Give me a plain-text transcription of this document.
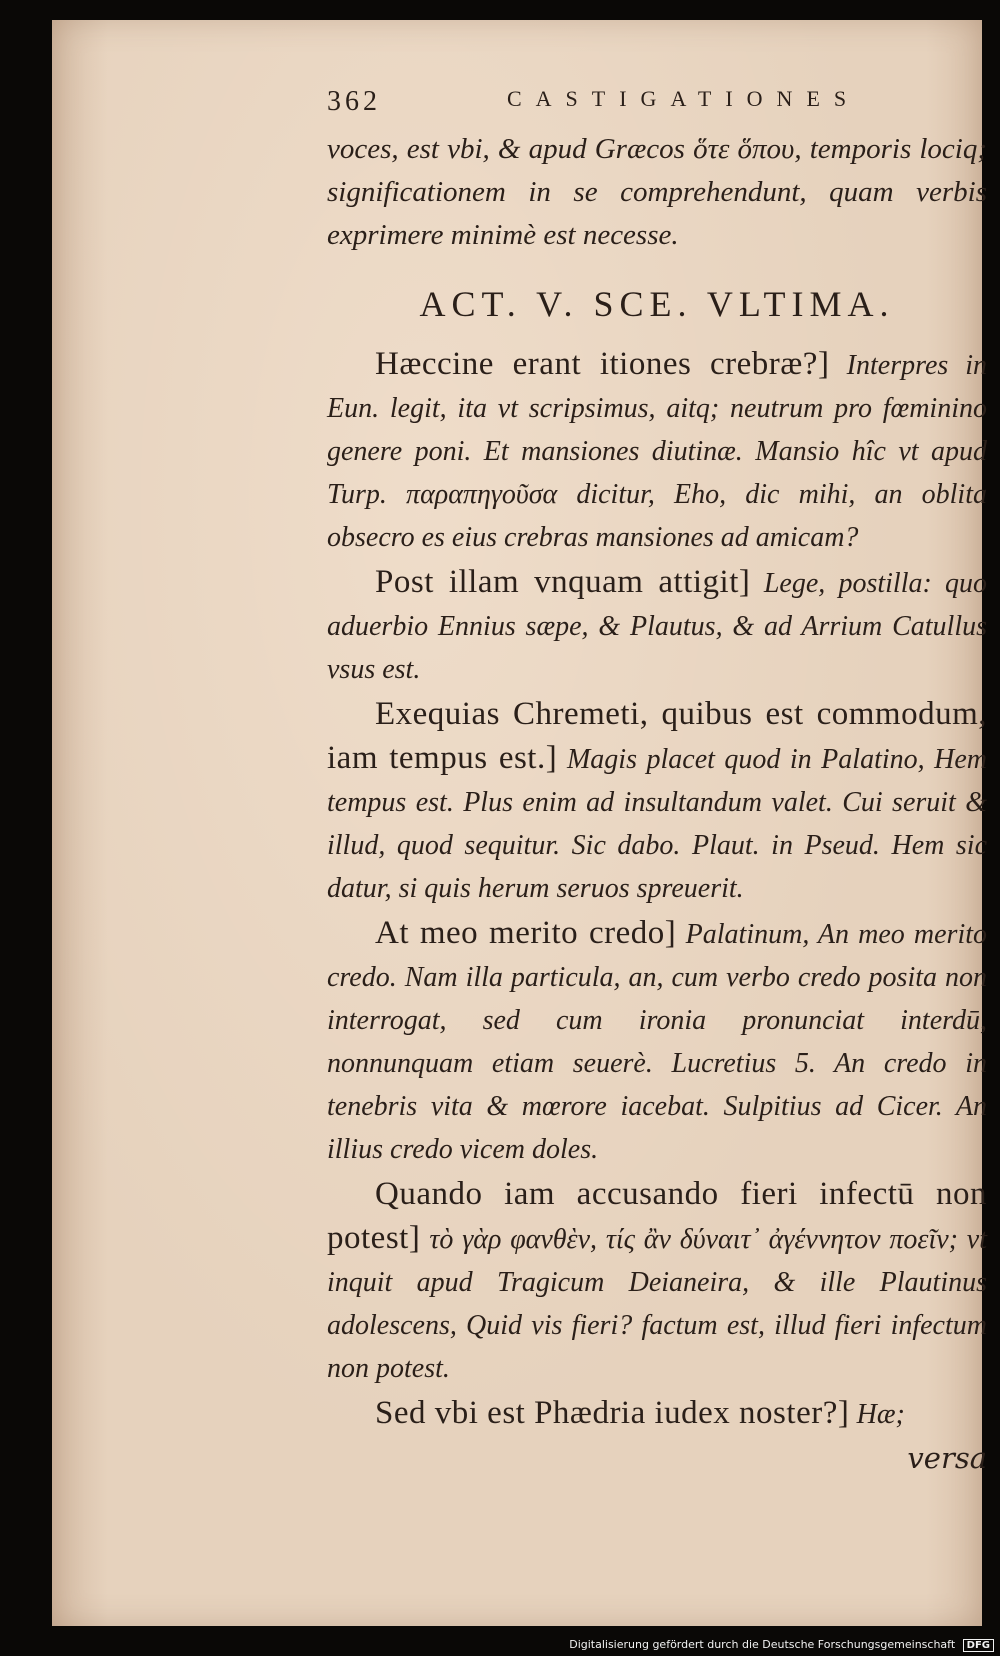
362	CASTIGATIONES
voces, est vbi, & apud Græcos ὅτε ὅπου, temporis lociq; significationem in se comprehendunt, quam verbis exprimere minimè est necesse.
ACT. V. SCE. VLTIMA.
Hæccine erant itiones crebræ?] Interpres in Eun. legit, ita vt scripsimus, aitq; neutrum pro fœminino genere poni. Et mansiones diutinæ. Mansio hîc vt apud Turp. παραπηγοῦσα dicitur, Eho, dic mihi, an oblita obsecro es eius crebras mansiones ad amicam?
Post illam vnquam attigit] Lege, postilla: quo aduerbio Ennius sæpe, & Plautus, & ad Arrium Catullus vsus est.
Exequias Chremeti, quibus est commodum, iam tempus est.] Magis placet quod in Palatino, Hem tempus est. Plus enim ad insultandum valet. Cui seruit & illud, quod sequitur. Sic dabo. Plaut. in Pseud. Hem sic datur, si quis herum seruos spreuerit.
At meo merito credo] Palatinum, An meo merito credo. Nam illa particula, an, cum verbo credo posita non interrogat, sed cum ironia pronunciat interdū, nonnunquam etiam seuerè. Lucretius 5. An credo in tenebris vita & mœrore iacebat. Sulpitius ad Cicer. An illius credo vicem doles.
Quando iam accusando fieri infectū non potest] τὸ γὰρ φανθὲν, τίς ἂν δύναιτ᾽ ἀγέννητον ποεῖν; vt inquit apud Tragicum Deianeira, & ille Plautinus adolescens, Quid vis fieri? factum est, illud fieri infectum non potest.
Sed vbi est Phædria iudex noster?] Hæ;
versa
Digitalisierung gefördert durch die Deutsche Forschungsgemeinschaft DFG
